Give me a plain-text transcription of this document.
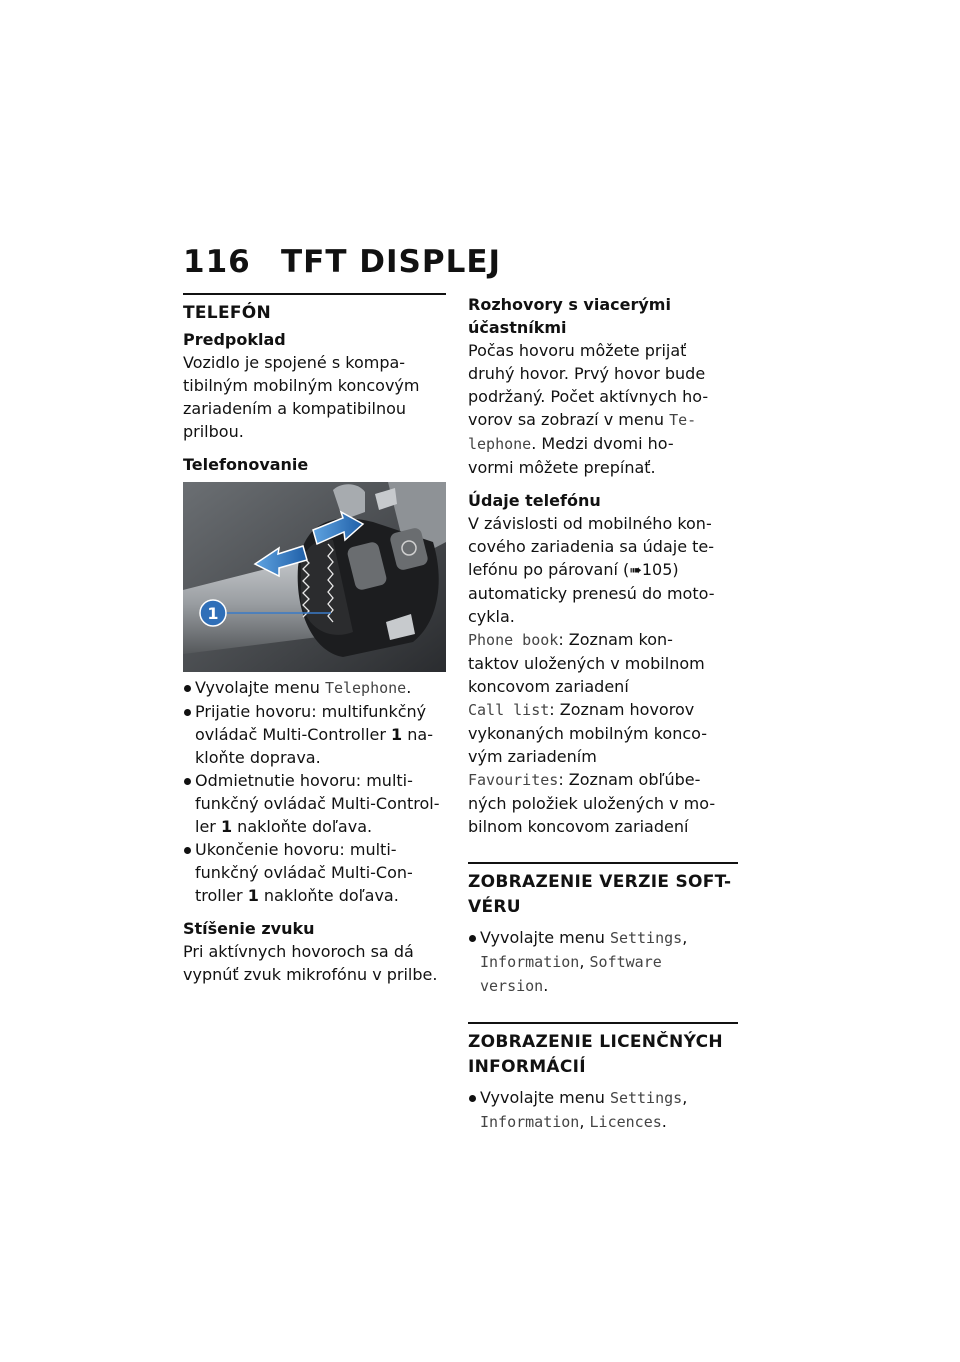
116 TFT DISPLEJ
TELEFÓN
Predpoklad
Vozidlo je spojené s kompa-
tibilným mobilným koncovým
zariadením a kompatibilnou
prilbou.
Telefonovanie
1
Vyvolajte menu Telephone.
Prijatie hovoru: multifunkčný
ovládač Multi-Controller 1 na-
kloňte doprava.
Odmietnutie hovoru: multi-
funkčný ovládač Multi-Control-
ler 1 nakloňte doľava.
Ukončenie hovoru: multi-
funkčný ovládač Multi-Con-
troller 1 nakloňte doľava.
Stíšenie zvuku
Pri aktívnych hovoroch sa dá
vypnúť zvuk mikrofónu v prilbe.
Rozhovory s viacerými
účastníkmi
Počas hovoru môžete prijať
druhý hovor. Prvý hovor bude
podržaný. Počet aktívnych ho-
vorov sa zobrazí v menu Te-
lephone. Medzi dvomi ho-
vormi môžete prepínať.
Údaje telefónu
V závislosti od mobilného kon-
cového zariadenia sa údaje te-
lefónu po párovaní (➠105)
automaticky prenesú do moto-
cykla.
Phone book: Zoznam kon-
taktov uložených v mobilnom
koncovom zariadení
Call list: Zoznam hovorov
vykonaných mobilným konco-
vým zariadením
Favourites: Zoznam obľúbe-
ných položiek uložených v mo-
bilnom koncovom zariadení
ZOBRAZENIE VERZIE SOFT-
VÉRU
Vyvolajte menu Settings,
Information, Software
version.
ZOBRAZENIE LICENČNÝCH
INFORMÁCIÍ
Vyvolajte menu Settings,
Information, Licences.
